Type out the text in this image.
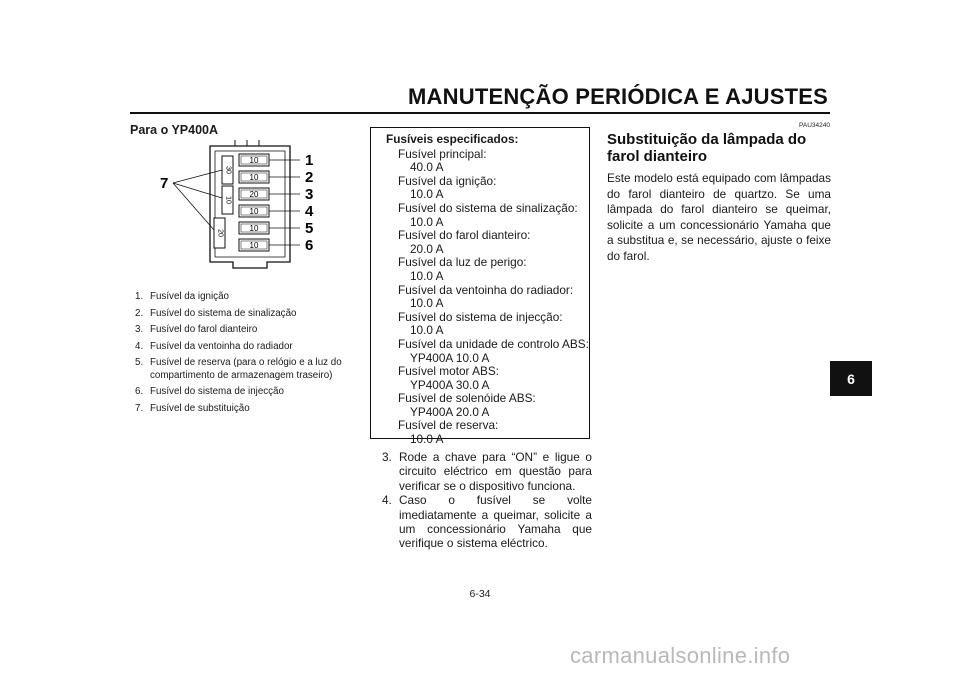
MANUTENÇÃO PERIÓDICA E AJUSTES
Para o YP400A
30
10
20
10
10
20
10
10
10
1
2
3
4
5
6
7
1. Fusível da ignição
2. Fusível do sistema de sinalização
3. Fusível do farol dianteiro
4. Fusível da ventoinha do radiador
5. Fusível de reserva (para o relógio e a luz do compartimento de armazenagem traseiro)
6. Fusível do sistema de injecção
7. Fusível de substituição
Fusíveis especificados:
Fusível principal:
40.0 A
Fusível da ignição:
10.0 A
Fusível do sistema de sinalização:
10.0 A
Fusível do farol dianteiro:
20.0 A
Fusível da luz de perigo:
10.0 A
Fusível da ventoinha do radiador:
10.0 A
Fusível do sistema de injecção:
10.0 A
Fusível da unidade de controlo ABS:
YP400A 10.0 A
Fusível motor ABS:
YP400A 30.0 A
Fusível de solenóide ABS:
YP400A 20.0 A
Fusível de reserva:
10.0 A
3. Rode a chave para “ON” e ligue o circuito eléctrico em questão para verificar se o dispositivo funciona.
4. Caso o fusível se volte imediatamente a queimar, solicite a um concessionário Yamaha que verifique o sistema eléctrico.
PAU34240
Substituição da lâmpada do farol dianteiro
Este modelo está equipado com lâmpadas do farol dianteiro de quartzo. Se uma lâmpada do farol dianteiro se queimar, solicite a um concessionário Yamaha que a substitua e, se necessário, ajuste o feixe do farol.
6
6-34
carmanualsonline.info
